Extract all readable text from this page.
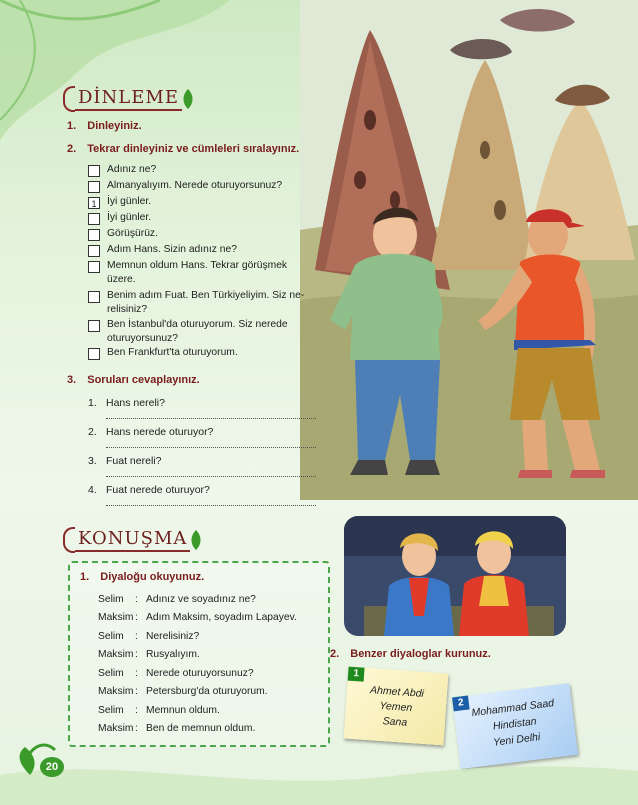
DİNLEME
1. Dinleyiniz.
2. Tekrar dinleyiniz ve cümleleri sıralayınız.
Adınız ne?
Almanyalıyım. Nerede oturuyorsunuz?
1	İyi günler.
İyi günler.
Görüşürüz.
Adım Hans. Sizin adınız ne?
Memnun oldum Hans. Tekrar görüşmek
üzere.
Benim adım Fuat. Ben Türkiyeliyim. Siz ne-
relisiniz?
Ben İstanbul'da oturuyorum. Siz nerede
oturuyorsunuz?
Ben Frankfurt'ta oturuyorum.
3. Soruları cevaplayınız.
1. Hans nereli?
2. Hans nerede oturuyor?
3. Fuat nereli?
4. Fuat nerede oturuyor?
KONUŞMA
1. Diyaloğu okuyunuz.
Selim : Adınız ve soyadınız ne?
Maksim : Adım Maksim, soyadım Lapayev.
Selim : Nerelisiniz?
Maksim : Rusyalıyım.
Selim : Nerede oturuyorsunuz?
Maksim : Petersburg'da oturuyorum.
Selim : Memnun oldum.
Maksim : Ben de memnun oldum.
2. Benzer diyaloglar kurunuz.
1
Ahmet Abdi
Yemen
Sana
2 Mohammad Saad
Hindistan
Yeni Delhi
20
